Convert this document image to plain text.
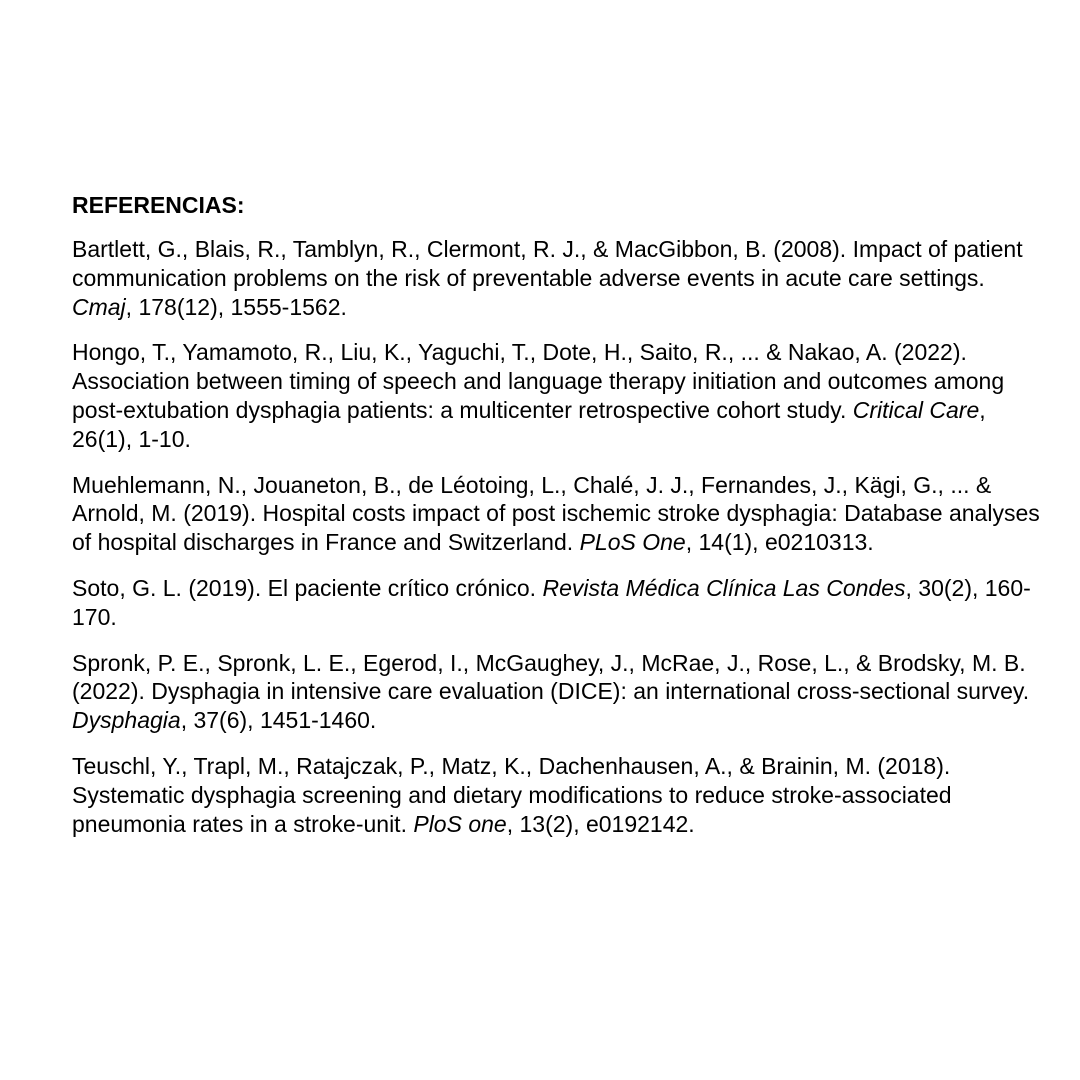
REFERENCIAS:
Bartlett, G., Blais, R., Tamblyn, R., Clermont, R. J., & MacGibbon, B. (2008). Impact of patient communication problems on the risk of preventable adverse events in acute care settings. Cmaj, 178(12), 1555-1562.
Hongo, T., Yamamoto, R., Liu, K., Yaguchi, T., Dote, H., Saito, R., ... & Nakao, A. (2022). Association between timing of speech and language therapy initiation and outcomes among post-extubation dysphagia patients: a multicenter retrospective cohort study. Critical Care, 26(1), 1-10.
Muehlemann, N., Jouaneton, B., de Léotoing, L., Chalé, J. J., Fernandes, J., Kägi, G., ... & Arnold, M. (2019). Hospital costs impact of post ischemic stroke dysphagia: Database analyses of hospital discharges in France and Switzerland. PLoS One, 14(1), e0210313.
Soto, G. L. (2019). El paciente crítico crónico. Revista Médica Clínica Las Condes, 30(2), 160-170.
Spronk, P. E., Spronk, L. E., Egerod, I., McGaughey, J., McRae, J., Rose, L., & Brodsky, M. B. (2022). Dysphagia in intensive care evaluation (DICE): an international cross-sectional survey. Dysphagia, 37(6), 1451-1460.
Teuschl, Y., Trapl, M., Ratajczak, P., Matz, K., Dachenhausen, A., & Brainin, M. (2018). Systematic dysphagia screening and dietary modifications to reduce stroke-associated pneumonia rates in a stroke-unit. PloS one, 13(2), e0192142.
